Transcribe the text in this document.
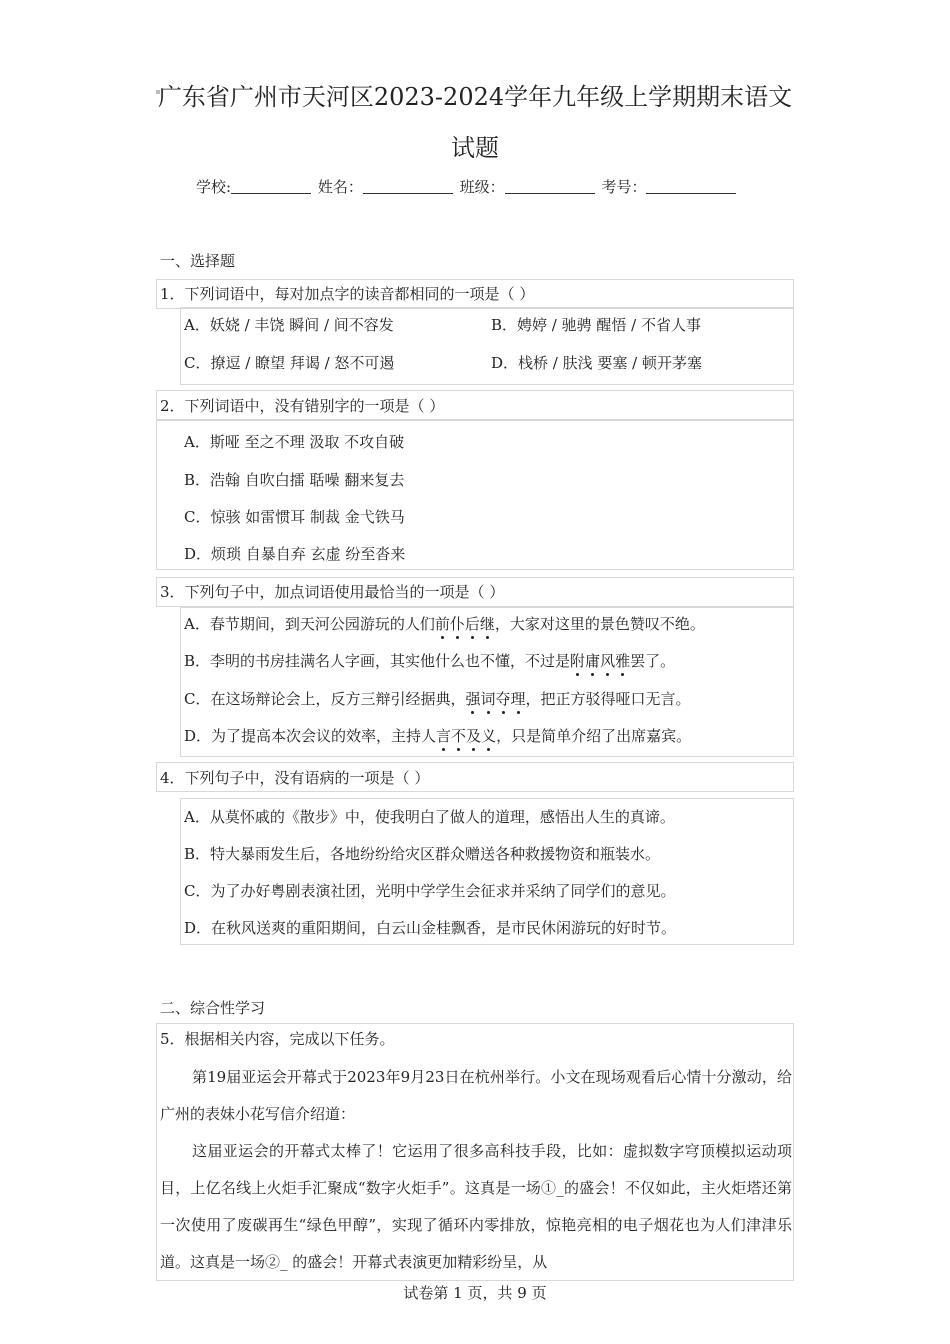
广东省广州市天河区2023-2024学年九年级上学期期末语文
试题
学校:	姓名：	班级：	考号：
一、选择题
1．下列词语中，每对加点字的读音都相同的一项是（ ）
A．妖娆 / 丰饶 瞬间 / 间不容发	B．娉婷 / 驰骋 醒悟 / 不省人事
C．撩逗 / 瞭望 拜谒 / 怒不可遏	D．栈桥 / 肤浅 要塞 / 顿开茅塞
2．下列词语中，没有错别字的一项是（ ）
A．斯哑 至之不理 汲取 不攻自破
B．浩翰 自吹白擂 聒噪 翻来复去
C．惊骇 如雷惯耳 制裁 金弋铁马
D．烦琐 自暴自弃 玄虚 纷至沓来
3．下列句子中，加点词语使用最恰当的一项是（ ）
A．春节期间，到天河公园游玩的人们前仆后继，大家对这里的景色赞叹不绝。
B．李明的书房挂满名人字画，其实他什么也不懂，不过是附庸风雅罢了。
C．在这场辩论会上，反方三辩引经据典，强词夺理，把正方驳得哑口无言。
D．为了提高本次会议的效率，主持人言不及义，只是简单介绍了出席嘉宾。
4．下列句子中，没有语病的一项是（ ）
A．从莫怀戚的《散步》中，使我明白了做人的道理，感悟出人生的真谛。
B．特大暴雨发生后，各地纷纷给灾区群众赠送各种救援物资和瓶装水。
C．为了办好粤剧表演社团，光明中学学生会征求并采纳了同学们的意见。
D．在秋风送爽的重阳期间，白云山金桂飘香，是市民休闲游玩的好时节。
二、综合性学习
5．根据相关内容，完成以下任务。

第19届亚运会开幕式于2023年9月23日在杭州举行。小文在现场观看后心情十分激动，给广州的表妹小花写信介绍道：

这届亚运会的开幕式太棒了！它运用了很多高科技手段，比如：虚拟数字穹顶模拟运动项目，上亿名线上火炬手汇聚成“数字火炬手”。这真是一场①_的盛会！不仅如此，主火炬塔还第一次使用了废碳再生“绿色甲醇”，实现了循环内零排放，惊艳亮相的电子烟花也为人们津津乐道。这真是一场②_ 的盛会！开幕式表演更加精彩纷呈，从

试卷第 1 页，共 9 页
